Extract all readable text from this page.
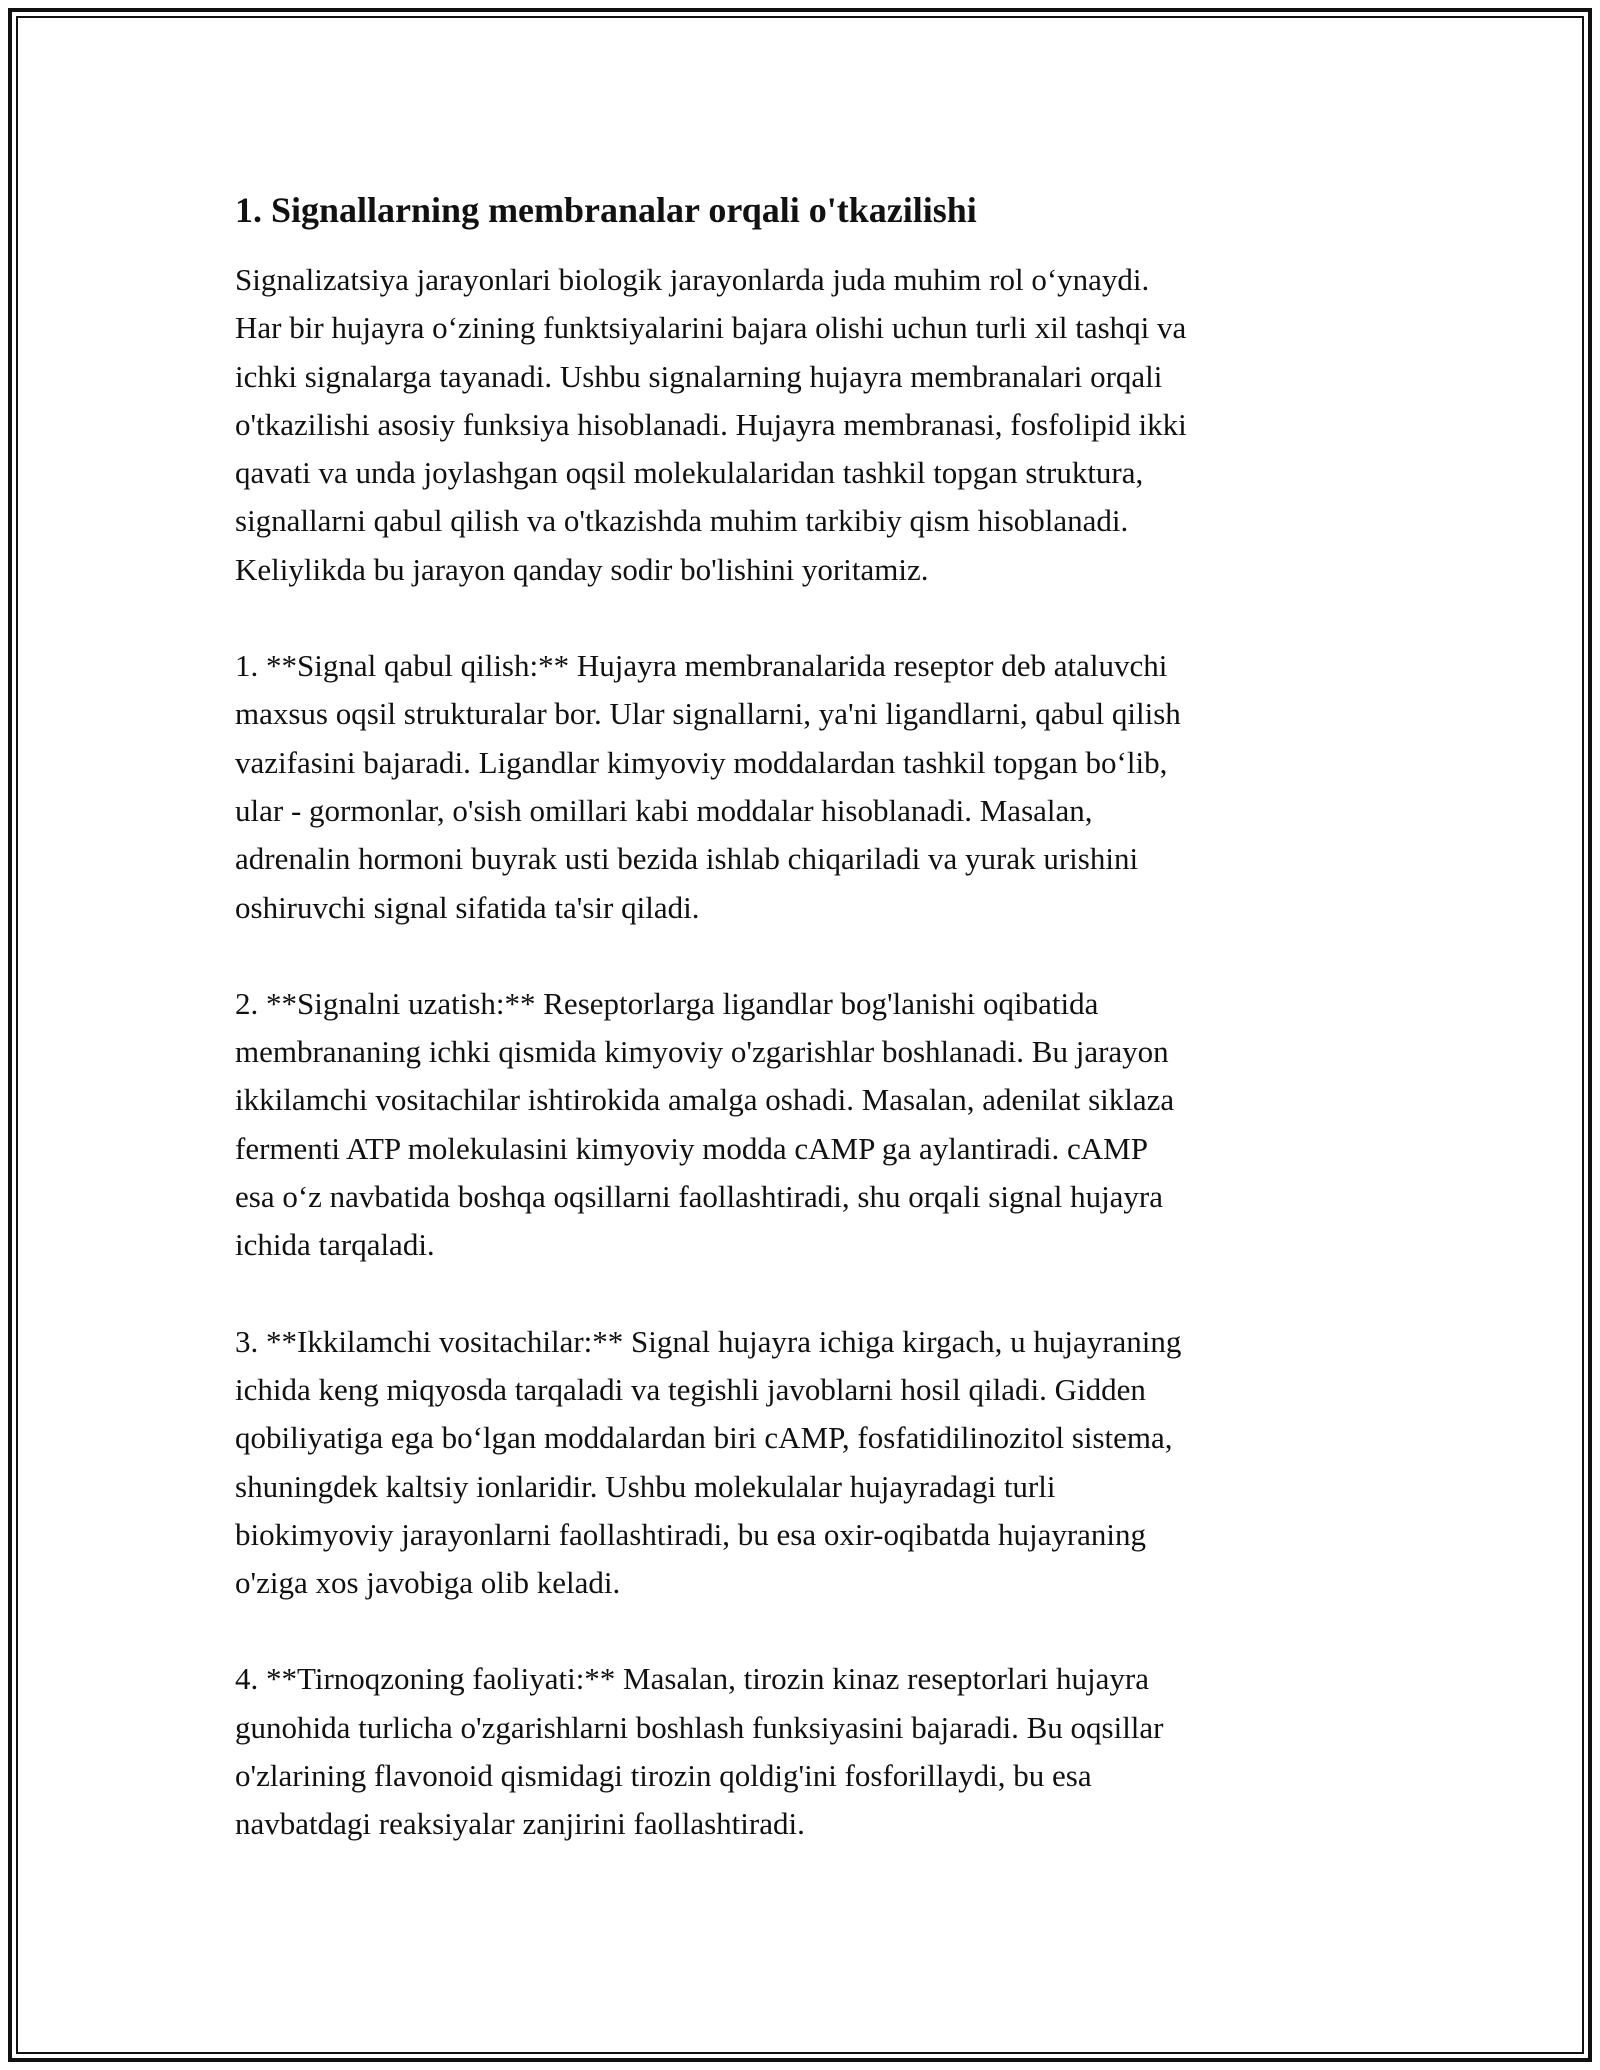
1. Signallarning membranalar orqali o'tkazilishi

Signalizatsiya jarayonlari biologik jarayonlarda juda muhim rol o‘ynaydi.
Har bir hujayra o‘zining funktsiyalarini bajara olishi uchun turli xil tashqi va
ichki signalarga tayanadi. Ushbu signalarning hujayra membranalari orqali
o'tkazilishi asosiy funksiya hisoblanadi. Hujayra membranasi, fosfolipid ikki
qavati va unda joylashgan oqsil molekulalaridan tashkil topgan struktura,
signallarni qabul qilish va o'tkazishda muhim tarkibiy qism hisoblanadi.
Keliylikda bu jarayon qanday sodir bo'lishini yoritamiz.

1. **Signal qabul qilish:** Hujayra membranalarida reseptor deb ataluvchi
maxsus oqsil strukturalar bor. Ular signallarni, ya'ni ligandlarni, qabul qilish
vazifasini bajaradi. Ligandlar kimyoviy moddalardan tashkil topgan bo‘lib,
ular - gormonlar, o'sish omillari kabi moddalar hisoblanadi. Masalan,
adrenalin hormoni buyrak usti bezida ishlab chiqariladi va yurak urishini
oshiruvchi signal sifatida ta'sir qiladi.

2. **Signalni uzatish:** Reseptorlarga ligandlar bog'lanishi oqibatida
membrananing ichki qismida kimyoviy o'zgarishlar boshlanadi. Bu jarayon
ikkilamchi vositachilar ishtirokida amalga oshadi. Masalan, adenilat siklaza
fermenti ATP molekulasini kimyoviy modda cAMP ga aylantiradi. cAMP
esa o‘z navbatida boshqa oqsillarni faollashtiradi, shu orqali signal hujayra
ichida tarqaladi.

3. **Ikkilamchi vositachilar:** Signal hujayra ichiga kirgach, u hujayraning
ichida keng miqyosda tarqaladi va tegishli javoblarni hosil qiladi. Gidden
qobiliyatiga ega bo‘lgan moddalardan biri cAMP, fosfatidilinozitol sistema,
shuningdek kaltsiy ionlaridir. Ushbu molekulalar hujayradagi turli
biokimyoviy jarayonlarni faollashtiradi, bu esa oxir-oqibatda hujayraning
o'ziga xos javobiga olib keladi.

4. **Tirnoqzoning faoliyati:** Masalan, tirozin kinaz reseptorlari hujayra
gunohida turlicha o'zgarishlarni boshlash funksiyasini bajaradi. Bu oqsillar
o'zlarining flavonoid qismidagi tirozin qoldig'ini fosforillaydi, bu esa
navbatdagi reaksiyalar zanjirini faollashtiradi.
